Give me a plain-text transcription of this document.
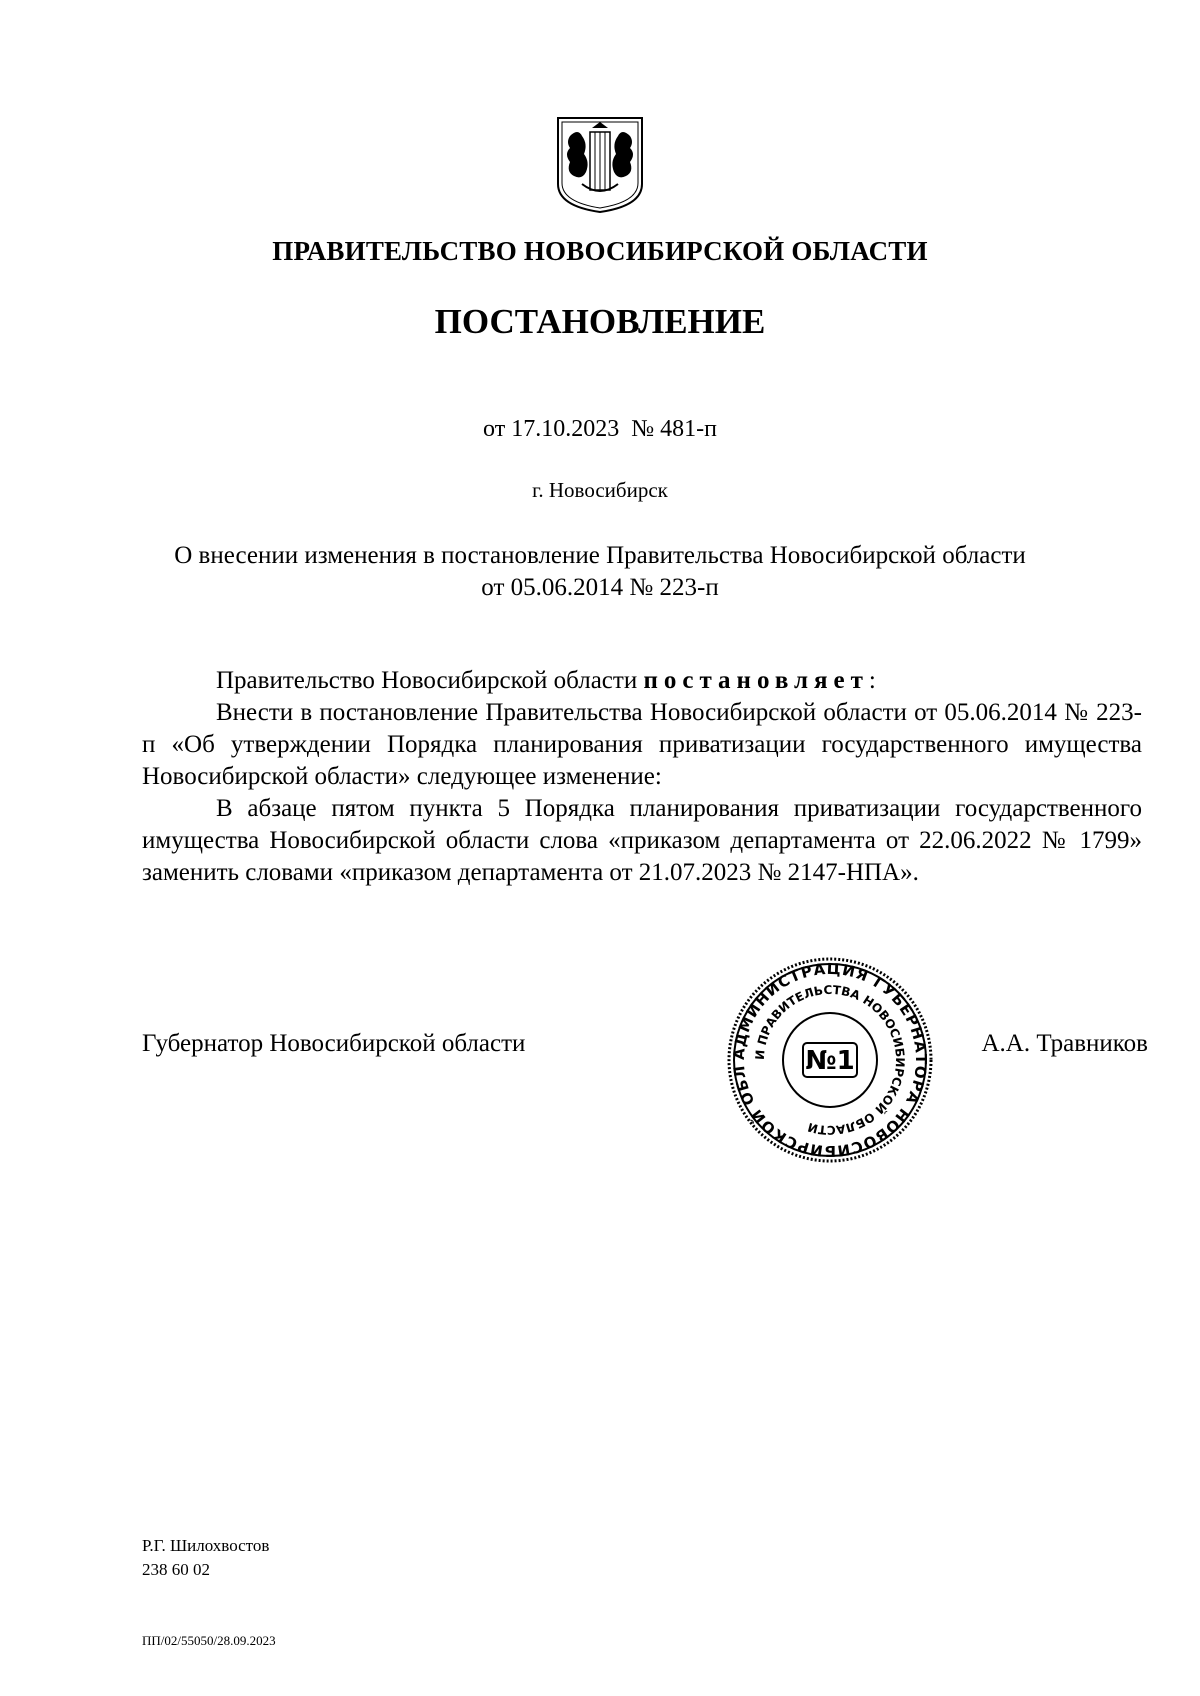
ПРАВИТЕЛЬСТВО НОВОСИБИРСКОЙ ОБЛАСТИ
ПОСТАНОВЛЕНИЕ
от 17.10.2023  № 481-п
г. Новосибирск
О внесении изменения в постановление Правительства Новосибирской области
от 05.06.2014 № 223-п
Правительство Новосибирской области постановляет:
Внести в постановление Правительства Новосибирской области от 05.06.2014 № 223-п «Об утверждении Порядка планирования приватизации государственного имущества Новосибирской области» следующее изменение:
В абзаце пятом пункта 5 Порядка планирования приватизации государственного имущества Новосибирской области слова «приказом департамента от 22.06.2022 № 1799» заменить словами «приказом департамента от 21.07.2023 № 2147-НПА».
Губернатор Новосибирской области	А.А. Травников
АДМИНИСТРАЦИЯ ГУБЕРНАТОРА НОВОСИБИРСКОЙ ОБЛ
И ПРАВИТЕЛЬСТВА НОВОСИБИРСКОЙ ОБЛАСТИ
№1
Р.Г. Шилохвостов
238 60 02
ПП/02/55050/28.09.2023
